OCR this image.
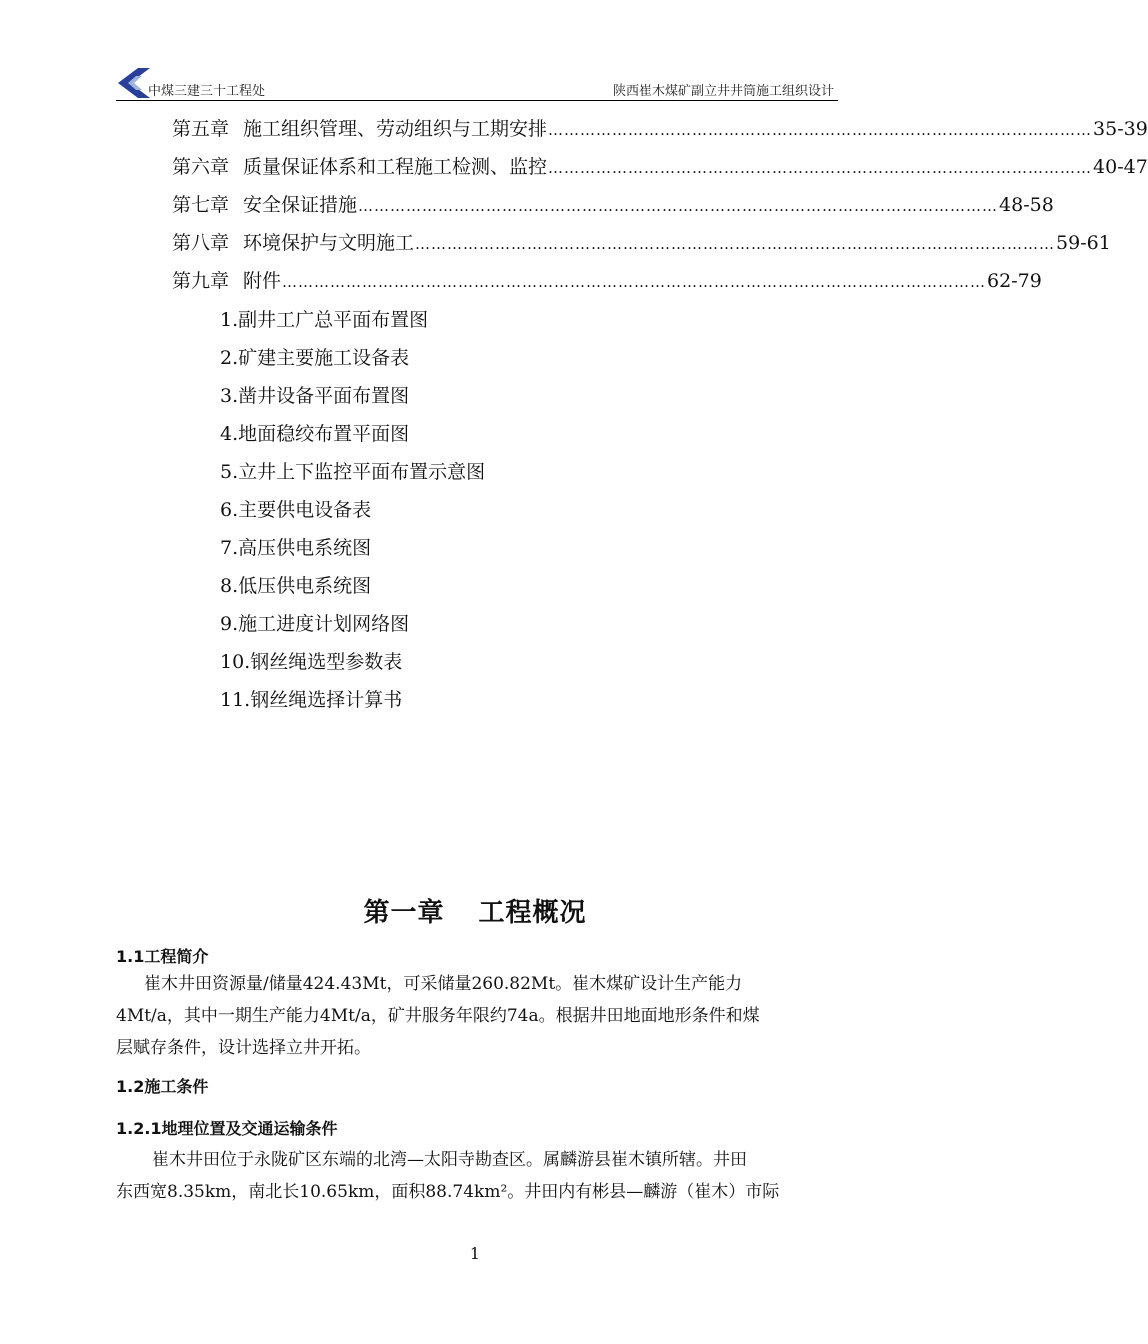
中煤三建三十工程处	陕西崔木煤矿副立井井筒施工组织设计
第五章 施工组织管理、劳动组织与工期安排 ………………………………………………………………………………………… 35-39
第六章 质量保证体系和工程施工检测、监控 ………………………………………………………………………………………… 40-47
第七章 安全保证措施 ………………………………………………………………………………………………………… 48-58
第八章 环境保护与文明施工 ………………………………………………………………………………………………………… 59-61
第九章 附件 …………………………………………………………………………………………………………………… 62-79
1.副井工广总平面布置图
2.矿建主要施工设备表
3.凿井设备平面布置图
4.地面稳绞布置平面图
5.立井上下监控平面布置示意图
6.主要供电设备表
7.高压供电系统图
8.低压供电系统图
9.施工进度计划网络图
10.钢丝绳选型参数表
11.钢丝绳选择计算书
第一章 工程概况
1.1工程简介
崔木井田资源量/储量424.43Mt，可采储量260.82Mt。崔木煤矿设计生产能力
4Mt/a，其中一期生产能力4Mt/a，矿井服务年限约74a。根据井田地面地形条件和煤
层赋存条件，设计选择立井开拓。
1.2施工条件
1.2.1地理位置及交通运输条件
崔木井田位于永陇矿区东端的北湾—太阳寺勘查区。属麟游县崔木镇所辖。井田
东西宽8.35km，南北长10.65km，面积88.74km²。井田内有彬县—麟游（崔木）市际
1
